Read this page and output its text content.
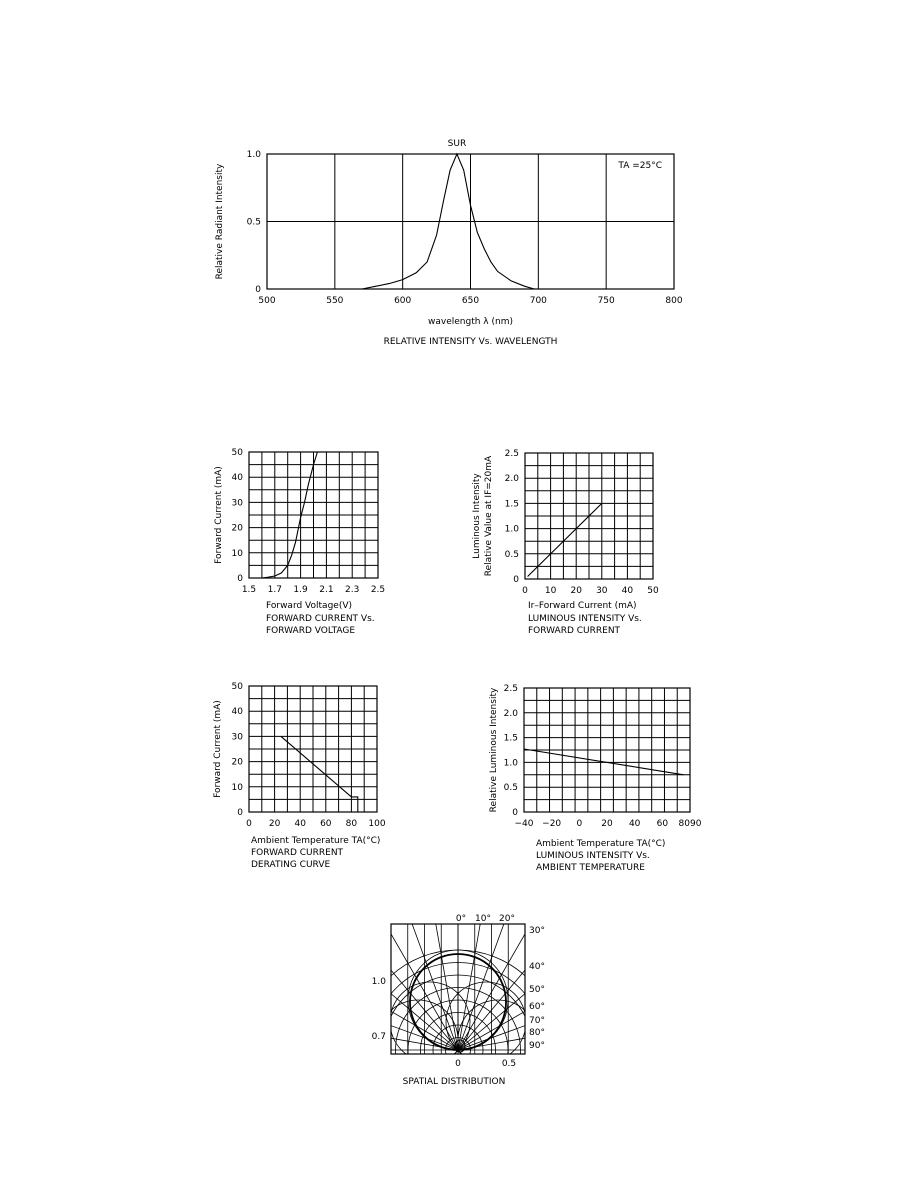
500	550	600	650	700	750	800
0
0.5
1.0
wavelength λ (nm)
Relative Radiant Intensity
RELATIVE INTENSITY Vs. WAVELENGTH
SUR
TA =25°C
1.5 1.7 1.9 2.1 2.3 2.5
0
10
20
30
40
50
Forward Voltage(V)
Forward Current (mA)
FORWARD CURRENT Vs.
FORWARD VOLTAGE
0 10 20 30 40 50
0
0.5
1.0
1.5
2.0
2.5
Ir–Forward Current (mA)
Luminous Intensity Relative Value at IF=20mA
LUMINOUS INTENSITY Vs.
FORWARD CURRENT
0 20 40 60 80 100
0
10
20
30
40
50
Ambient Temperature TA(°C)
Forward Current (mA)
FORWARD CURRENT
DERATING CURVE
−40 −20 0 20 40 60 8090
0
0.5
1.0
1.5
2.0
2.5
Ambient Temperature TA(°C)
Relative Luminous Intensity
LUMINOUS INTENSITY Vs.
AMBIENT TEMPERATURE
0° 10° 20°
30°
40°
50°
60°
70°
80°
90°
1.0
0.7
0	0.5
SPATIAL DISTRIBUTION
